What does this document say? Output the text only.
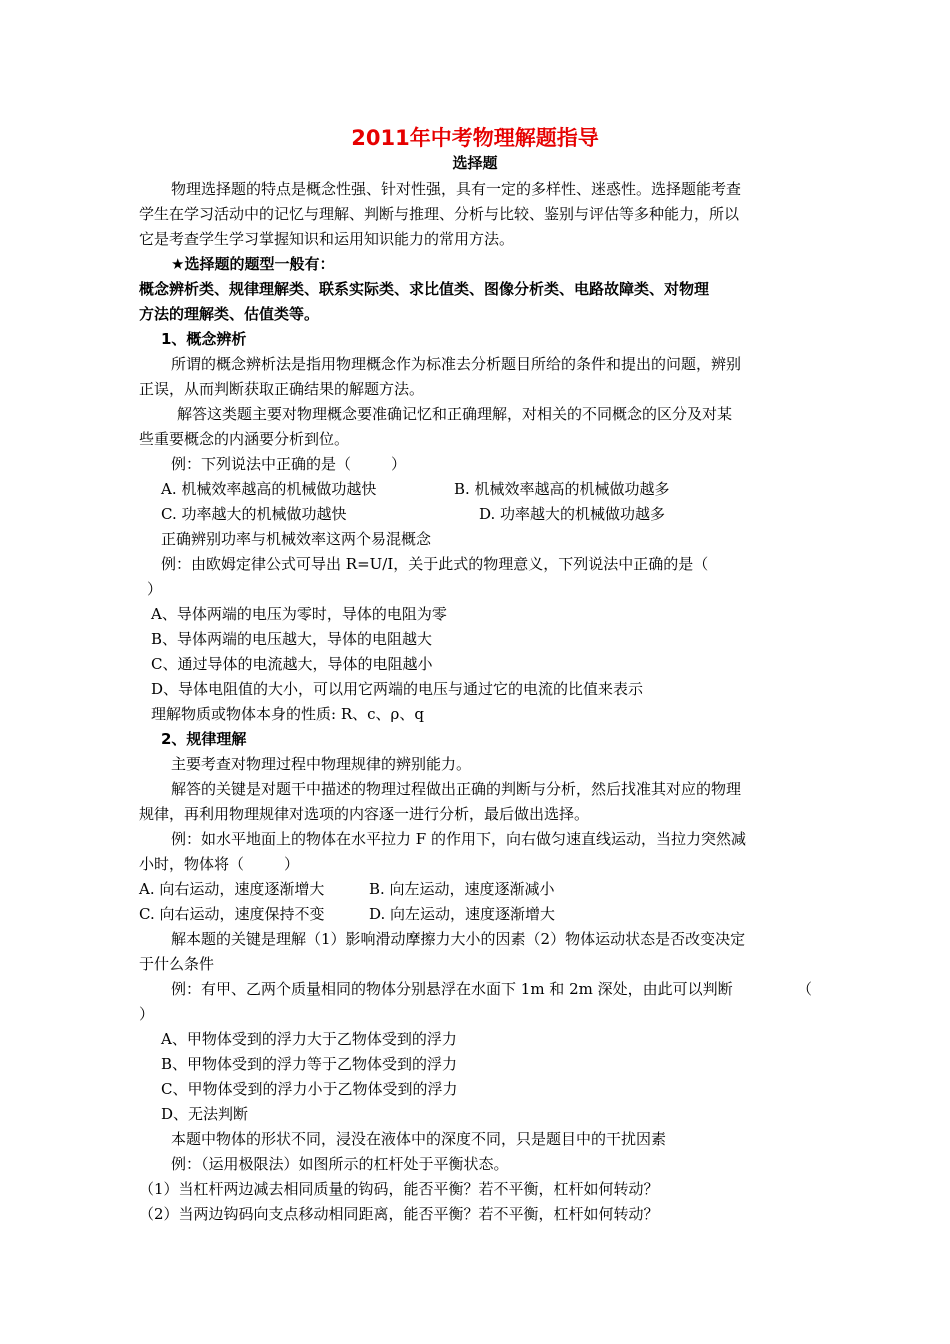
2011年中考物理解题指导
选择题
物理选择题的特点是概念性强、针对性强，具有一定的多样性、迷惑性。选择题能考查
学生在学习活动中的记忆与理解、判断与推理、分析与比较、鉴别与评估等多种能力，所以
它是考查学生学习掌握知识和运用知识能力的常用方法。
★选择题的题型一般有：
概念辨析类、规律理解类、联系实际类、求比值类、图像分析类、电路故障类、对物理
方法的理解类、估值类等。
1、概念辨析
所谓的概念辨析法是指用物理概念作为标准去分析题目所给的条件和提出的问题，辨别
正误，从而判断获取正确结果的解题方法。
解答这类题主要对物理概念要准确记忆和正确理解，对相关的不同概念的区分及对某
些重要概念的内涵要分析到位。
例：下列说法中正确的是（	）
A. 机械效率越高的机械做功越快	B. 机械效率越高的机械做功越多
C. 功率越大的机械做功越快	D. 功率越大的机械做功越多
正确辨别功率与机械效率这两个易混概念
例：由欧姆定律公式可导出 R=U/I，关于此式的物理意义，下列说法中正确的是（
）
A、导体两端的电压为零时，导体的电阻为零
B、导体两端的电压越大，导体的电阻越大
C、通过导体的电流越大，导体的电阻越小
D、导体电阻值的大小，可以用它两端的电压与通过它的电流的比值来表示
理解物质或物体本身的性质: R、c、ρ、q
2、规律理解
主要考查对物理过程中物理规律的辨别能力。
解答的关键是对题干中描述的物理过程做出正确的判断与分析，然后找准其对应的物理
规律，再利用物理规律对选项的内容逐一进行分析，最后做出选择。
例：如水平地面上的物体在水平拉力 F 的作用下，向右做匀速直线运动，当拉力突然减
小时，物体将（	）
A. 向右运动，速度逐渐增大	B. 向左运动，速度逐渐减小
C. 向右运动，速度保持不变	D. 向左运动，速度逐渐增大
解本题的关键是理解（1）影响滑动摩擦力大小的因素（2）物体运动状态是否改变决定
于什么条件
例：有甲、乙两个质量相同的物体分别悬浮在水面下 1m 和 2m 深处，由此可以判断	（
）
A、甲物体受到的浮力大于乙物体受到的浮力
B、甲物体受到的浮力等于乙物体受到的浮力
C、甲物体受到的浮力小于乙物体受到的浮力
D、无法判断
本题中物体的形状不同，浸没在液体中的深度不同，只是题目中的干扰因素
例：（运用极限法）如图所示的杠杆处于平衡状态。
（1）当杠杆两边减去相同质量的钩码，能否平衡？若不平衡，杠杆如何转动？
（2）当两边钩码向支点移动相同距离，能否平衡？若不平衡，杠杆如何转动？
